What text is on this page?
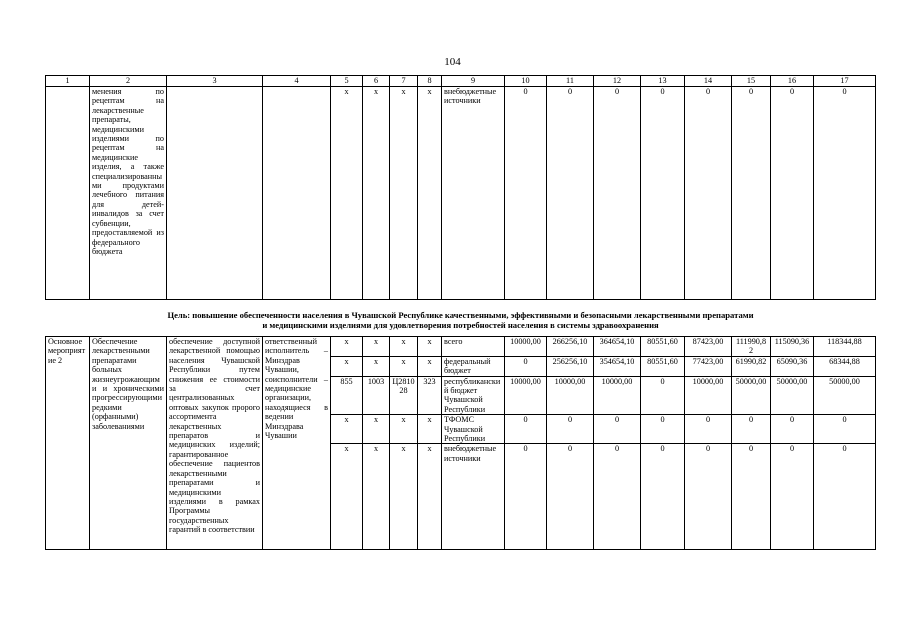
104
1	2	3	4	5	6	7	8	9	10	11	12	13	14	15	16	17
	менения по рецептам на лекарственные препараты, медицинскими изделиями по рецептам на медицинские изделия, а также специализированными продуктами лечебного питания для детей-инвалидов за счет субвенции, предоставляемой из федерального бюджета			x	x	x	x	внебюджетные источники	0	0	0	0	0	0	0	0
Цель: повышение обеспеченности населения в Чувашской Республике качественными, эффективными и безопасными лекарственными препаратами
и медицинскими изделиями для удовлетворения потребностей населения в системы здравоохранения																
Основное мероприятие 2	Обеспечение лекарственными препаратами больных жизнеугрожающими и хроническими прогрессирующими редкими (орфанными) заболеваниями	обеспечение доступной лекарственной помощью населения Чувашской Республики путем снижения ее стоимости за счет централизованных оптовых закупок пророго ассортимента лекарственных препаратов и медицинских изделий; гарантированное обеспечение пациентов лекарственными препаратами и медицинскими изделиями в рамках Программы государственных гарантий в соответствии	ответственный исполнитель – Минздрав Чувашии, соисполнители – медицинские организации, находящиеся в ведении Минздрава Чувашии	x	x	x	x	всего	10000,00	266256,10	364654,10	80551,60	87423,00	111990,82	115090,36	118344,88
				x	x	x	x	федеральный бюджет	0	256256,10	354654,10	80551,60	77423,00	61990,82	65090,36	68344,88
				855	1003	Ц2810 28	323	республиканский бюджет Чувашской Республики	10000,00	10000,00	10000,00	0	10000,00	50000,00	50000,00	50000,00
				x	x	x	x	ТФОМС Чувашской Республики	0	0	0	0	0	0	0	0
				x	x	x	x	внебюджетные источники	0	0	0	0	0	0	0	0
